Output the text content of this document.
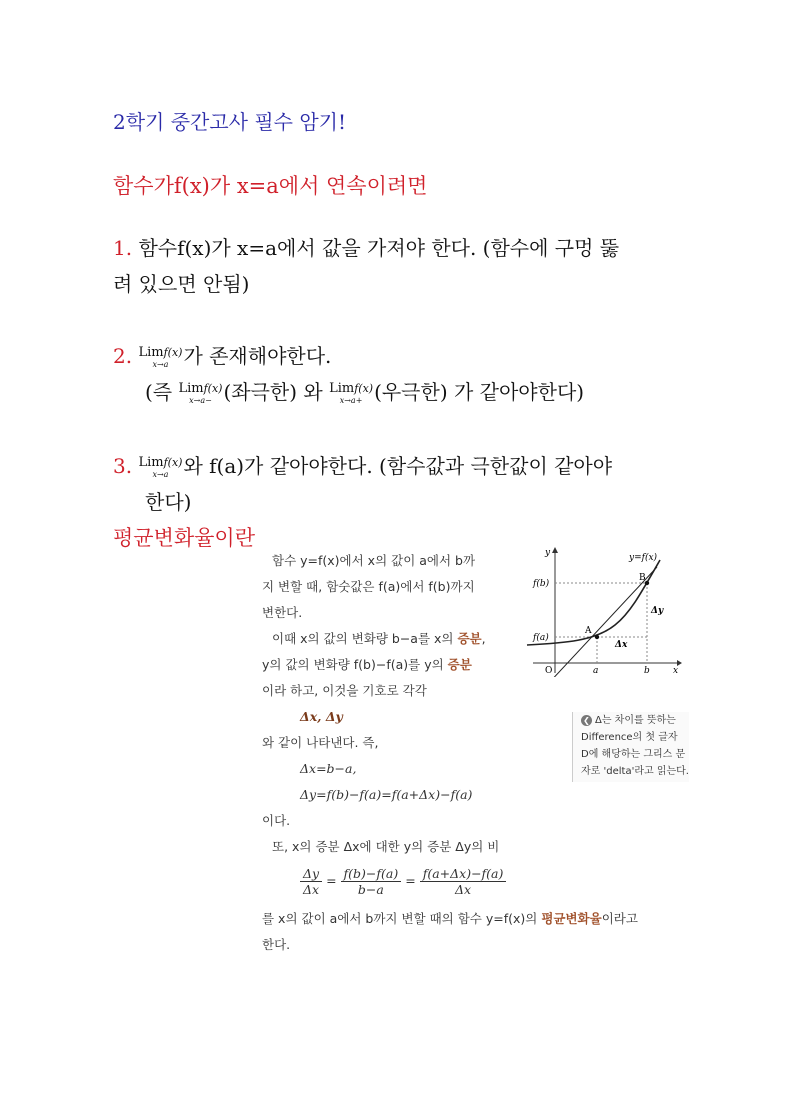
2학기 중간고사 필수 암기!
함수가f(x)가 x=a에서 연속이려면
1. 함수f(x)가 x=a에서 값을 가져야 한다. (함수에 구멍 뚫
려 있으면 안됨)
2. Limf(x)
x→a 가 존재해야한다.
(즉 Limf(x)
x→a− (좌극한) 와 Limf(x)
x→a+ (우극한) 가 같아야한다)
3. Limf(x)
x→a 와 f(a)가 같아야한다. (함수값과 극한값이 같아야
한다)
평균변화율이란
함수 y=f(x)에서 x의 값이 a에서 b까
지 변할 때, 함숫값은 f(a)에서 f(b)까지
변한다.
이때 x의 값의 변화량 b−a를 x의 증분,
y의 값의 변화량 f(b)−f(a)를 y의 증분
이라 하고, 이것을 기호로 각각
Δx, Δy
와 같이 나타낸다. 즉,
Δx=b−a,
Δy=f(b)−f(a)=f(a+Δx)−f(a)
이다.
또, x의 증분 Δx에 대한 y의 증분 Δy의 비
$\frac{\Delta y}{\Delta x} = \frac{f(b)-f(a)}{b-a} = \frac{f(a+\Delta x)-f(a)}{\Delta x}$
를 x의 값이 a에서 b까지 변할 때의 함수 y=f(x)의 평균변화율이라고
한다.
y
x
y=f(x)
f(b)
f(a)
O	a	b
A
B
Δx
Δy
❮ Δ는 차이를 뜻하는
Difference의 첫 글자
D에 해당하는 그리스 문
자로 'delta'라고 읽는다.
